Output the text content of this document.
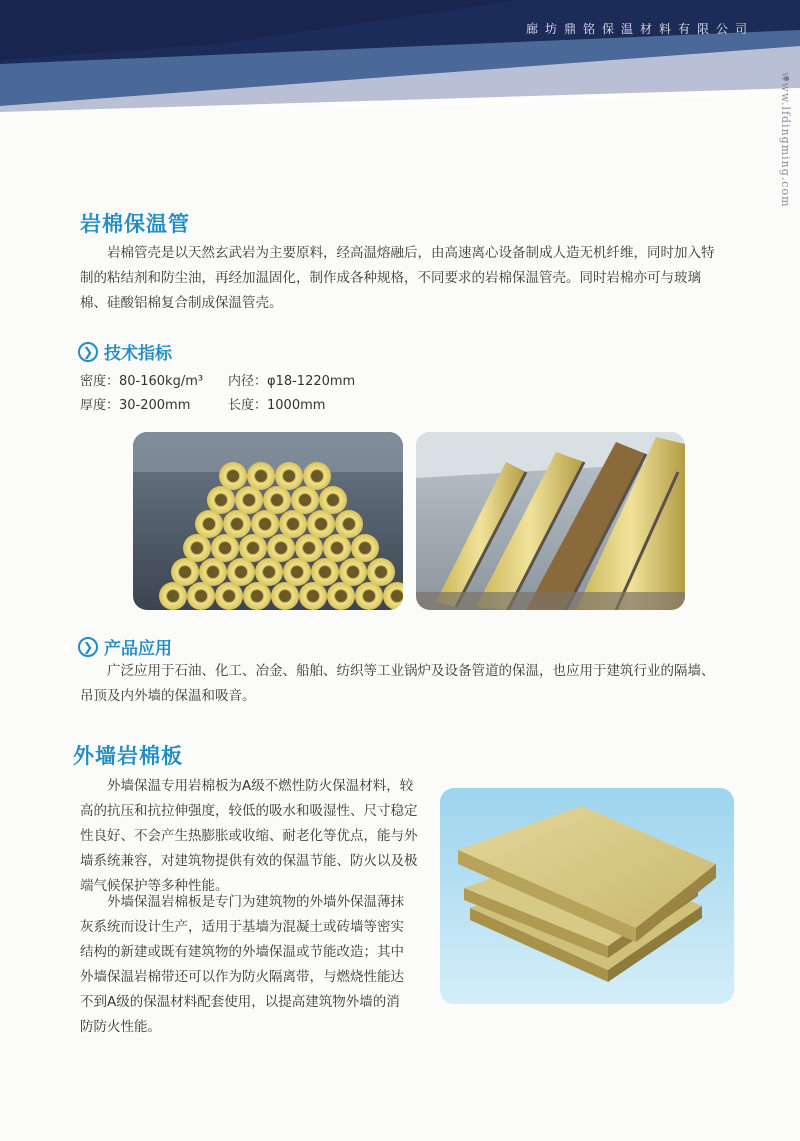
廊坊鼎铭保温材料有限公司
www.lfdingming.com
岩棉保温管
岩棉管壳是以天然玄武岩为主要原料，经高温熔融后，由高速离心设备制成人造无机纤维，同时加入特
制的粘结剂和防尘油，再经加温固化，制作成各种规格，不同要求的岩棉保温管壳。同时岩棉亦可与玻璃
棉、硅酸铝棉复合制成保温管壳。
❯ 技术指标
密度：80-160kg/m³ 内径：φ18-1220mm
厚度：30-200mm	长度：1000mm
❯ 产品应用
广泛应用于石油、化工、冶金、船舶、纺织等工业锅炉及设备管道的保温，也应用于建筑行业的隔墙、
吊顶及内外墙的保温和吸音。
外墙岩棉板
外墙保温专用岩棉板为A级不燃性防火保温材料，较
高的抗压和抗拉伸强度，较低的吸水和吸湿性、尺寸稳定
性良好、不会产生热膨胀或收缩、耐老化等优点，能与外
墙系统兼容，对建筑物提供有效的保温节能、防火以及极
端气候保护等多种性能。
外墙保温岩棉板是专门为建筑物的外墙外保温薄抹
灰系统而设计生产，适用于基墙为混凝土或砖墙等密实
结构的新建或既有建筑物的外墙保温或节能改造；其中
外墙保温岩棉带还可以作为防火隔离带，与燃烧性能达
不到A级的保温材料配套使用，以提高建筑物外墙的消
防防火性能。
